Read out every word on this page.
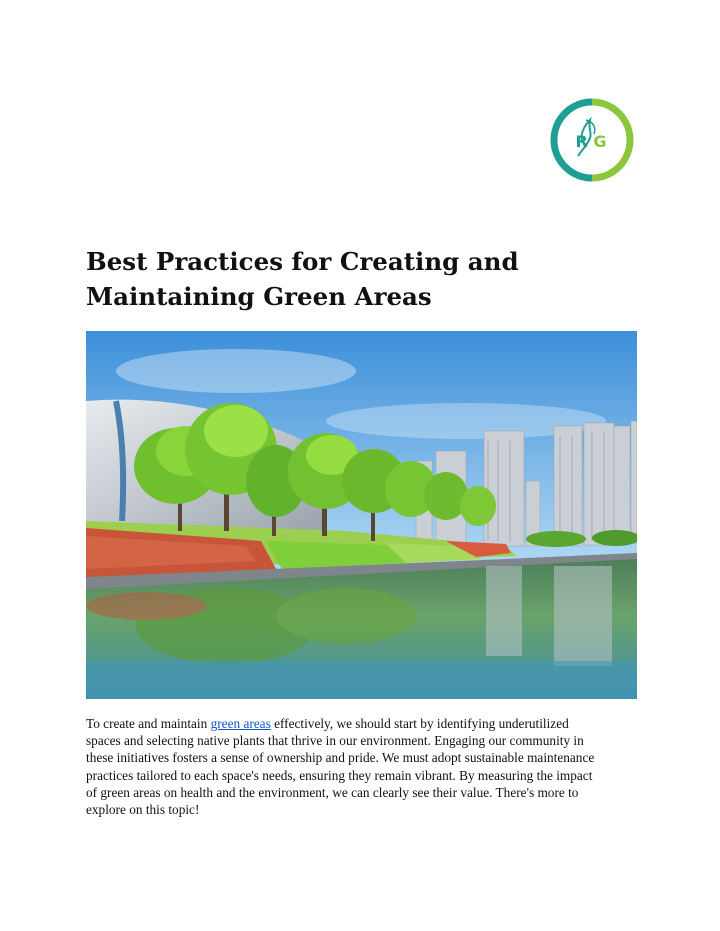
R G
Best Practices for Creating and
Maintaining Green Areas

To create and maintain green areas effectively, we should start by identifying underutilized
spaces and selecting native plants that thrive in our environment. Engaging our community in
these initiatives fosters a sense of ownership and pride. We must adopt sustainable maintenance
practices tailored to each space's needs, ensuring they remain vibrant. By measuring the impact
of green areas on health and the environment, we can clearly see their value. There's more to
explore on this topic!
